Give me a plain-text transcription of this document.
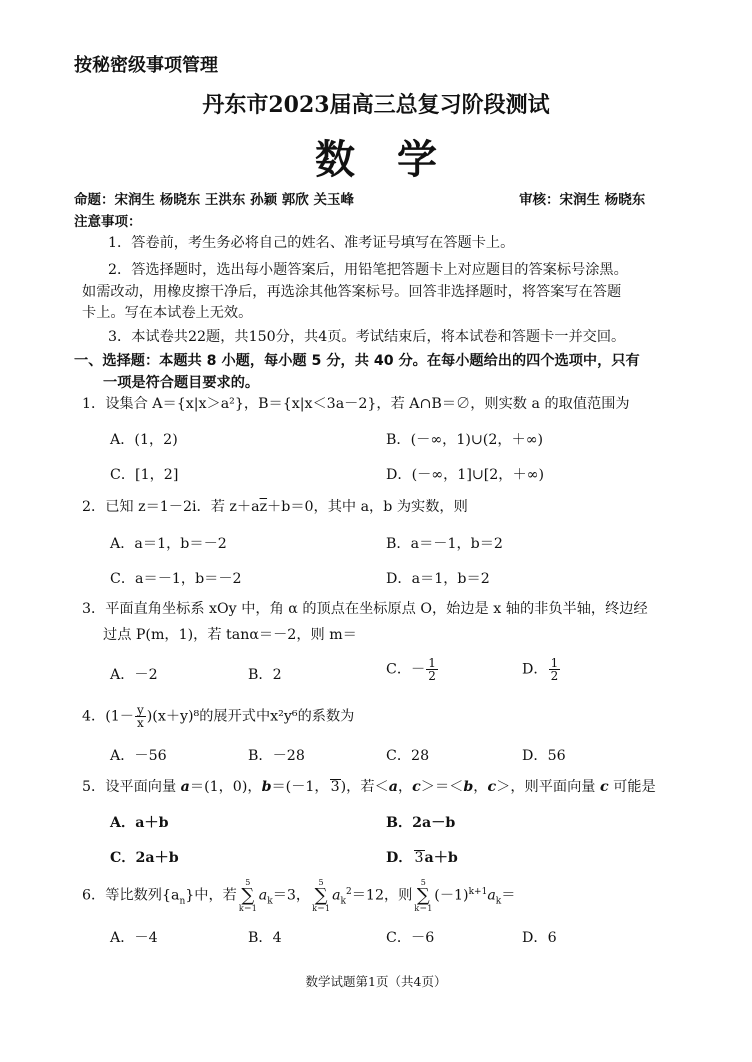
按秘密级事项管理
丹东市2023届高三总复习阶段测试
数学
命题：宋润生 杨晓东 王洪东 孙颖 郭欣 关玉峰	审核：宋润生 杨晓东
注意事项：
1．答卷前，考生务必将自己的姓名、准考证号填写在答题卡上。
2．答选择题时，选出每小题答案后，用铅笔把答题卡上对应题目的答案标号涂黑。
如需改动，用橡皮擦干净后，再选涂其他答案标号。回答非选择题时，将答案写在答题
卡上。写在本试卷上无效。
3．本试卷共22题，共150分，共4页。考试结束后，将本试卷和答题卡一并交回。
一、选择题：本题共 8 小题，每小题 5 分，共 40 分。在每小题给出的四个选项中，只有
一项是符合题目要求的。
1．设集合 A＝{x|x＞a²}，B＝{x|x＜3a－2}，若 A∩B＝∅，则实数 a 的取值范围为
A．(1，2)	B．(－∞，1)∪(2，＋∞)
C．[1，2]	D．(－∞，1]∪[2，＋∞)
2．已知 z＝1－2i．若 $z+a\overline{z}+b=0$，其中 a，b 为实数，则
A．a＝1，b＝－2	B．a＝－1，b＝2
C．a＝－1，b＝－2	D．a＝1，b＝2
3．平面直角坐标系 xOy 中，角 α 的顶点在坐标原点 O，始边是 x 轴的非负半轴，终边经
过点 P(m，1)，若 tanα＝－2，则 m＝
A．－2	B．2	C．－ $\frac{1}{2}$	D． $\frac{1}{2}$
4．$(1- \frac{y}{x} )(x+y)^8$的展开式中x²y⁶的系数为
A．－56	B．－28	C．28	D．56
5．设平面向量 a＝(1，0)，b＝(－1， 3)，若＜a，c＞＝＜b，c＞，则平面向量 c 可能是
A．a＋b	B．2a－b
C．2a＋b	D． 3a＋b
6．等比数列$\{a_n\}$中，若
5
∑
k＝1
$a_k=3$，
5
∑
k＝1
$a_k^2=12$，则
5
∑
k＝1
$(-1)^{k+1}a_k=$
A．－4	B．4	C．－6	D．6
数学试题第1页（共4页）
